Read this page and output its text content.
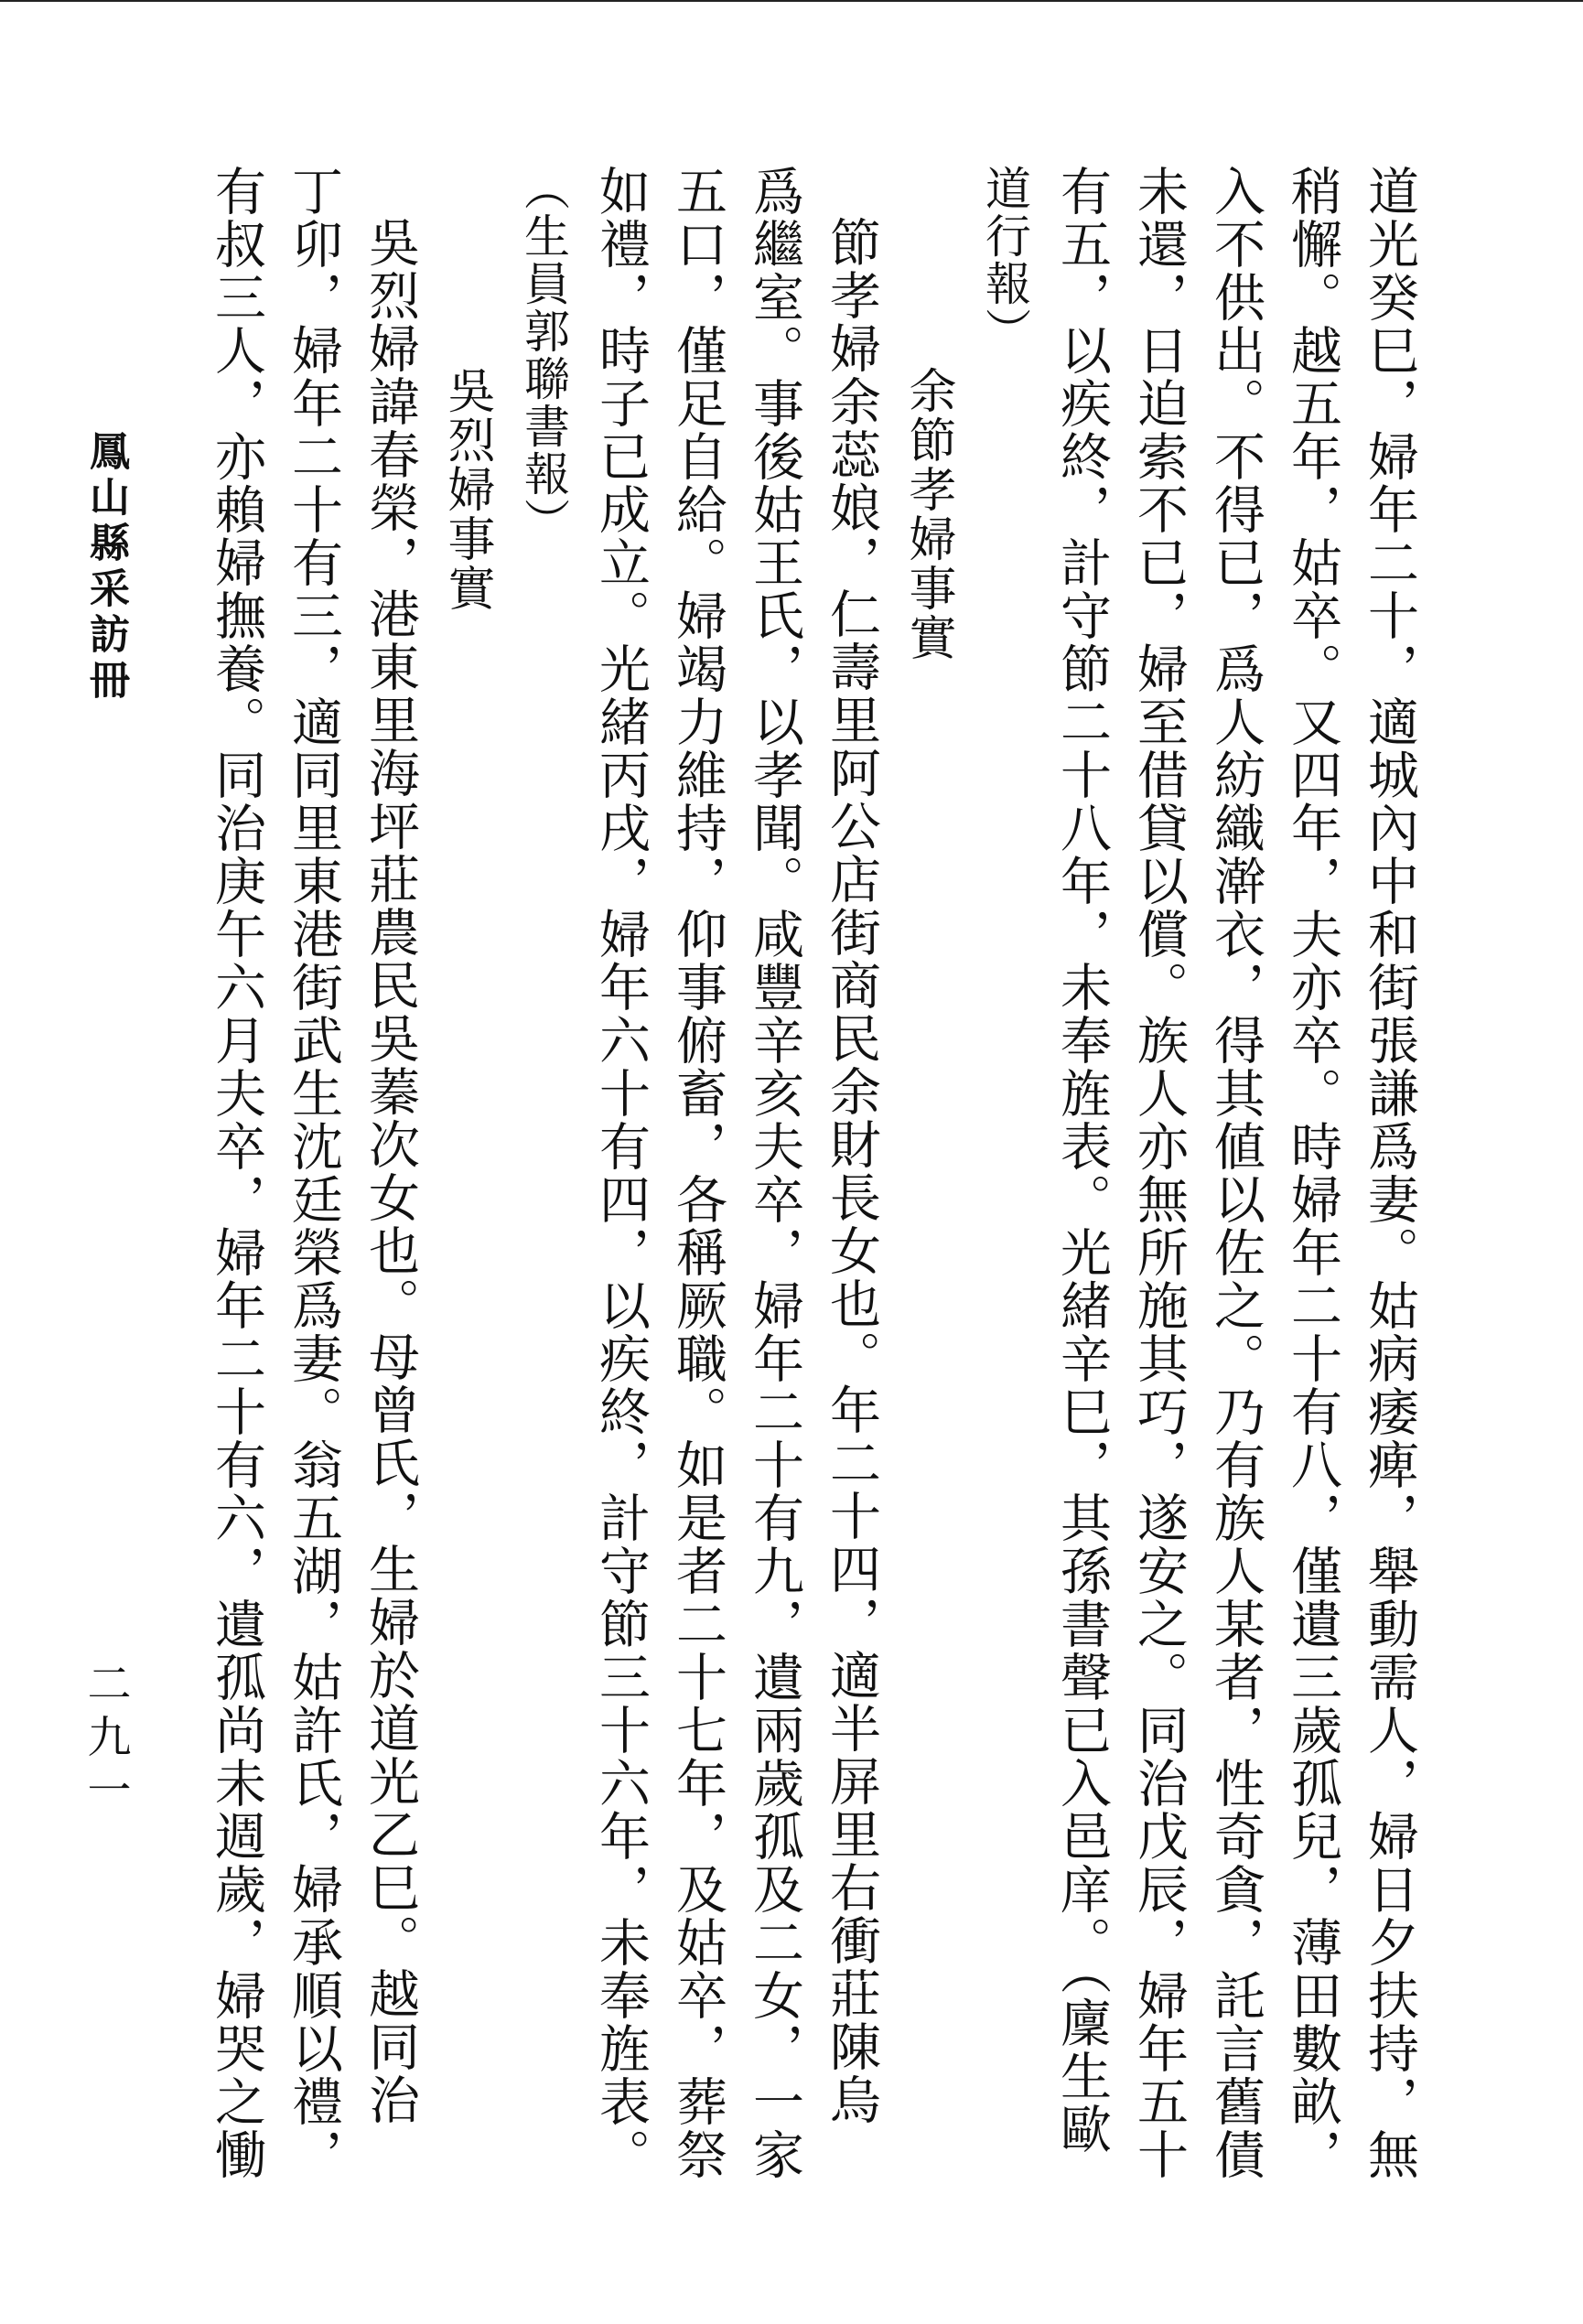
道光癸巳，婦年二十，適城內中和街張謙爲妻。姑病痿痺，舉動需人，婦日夕扶持，無
稍懈。越五年，姑卒。又四年，夫亦卒。時婦年二十有八，僅遺三歲孤兒，薄田數畝，
入不供出。不得已，爲人紡織澣衣，得其値以佐之。乃有族人某者，性奇貪，託言舊債
未還，日迫索不已，婦至借貸以償。族人亦無所施其巧，遂安之。同治戊辰，婦年五十
有五，以疾終，計守節二十八年，未奉旌表。光緒辛巳，其孫書聲已入邑庠。（廩生歐
道行報）
余節孝婦事實
節孝婦余蕊娘，仁壽里阿公店街商民余財長女也。年二十四，適半屏里右衝莊陳烏
爲繼室。事後姑王氏，以孝聞。咸豐辛亥夫卒，婦年二十有九，遺兩歲孤及二女，一家
五口，僅足自給。婦竭力維持，仰事俯畜，各稱厥職。如是者二十七年，及姑卒，葬祭
如禮，時子已成立。光緒丙戌，婦年六十有四，以疾終，計守節三十六年，未奉旌表。
（生員郭聯書報）
吳烈婦事實
吳烈婦諱春榮，港東里海坪莊農民吳蓁次女也。母曾氏，生婦於道光乙巳。越同治
丁卯，婦年二十有三，適同里東港街武生沈廷榮爲妻。翁五湖，姑許氏，婦承順以禮，
有叔三人，亦賴婦撫養。同治庚午六月夫卒，婦年二十有六，遺孤尚未週歲，婦哭之慟
鳳山縣采訪冊
二九一
